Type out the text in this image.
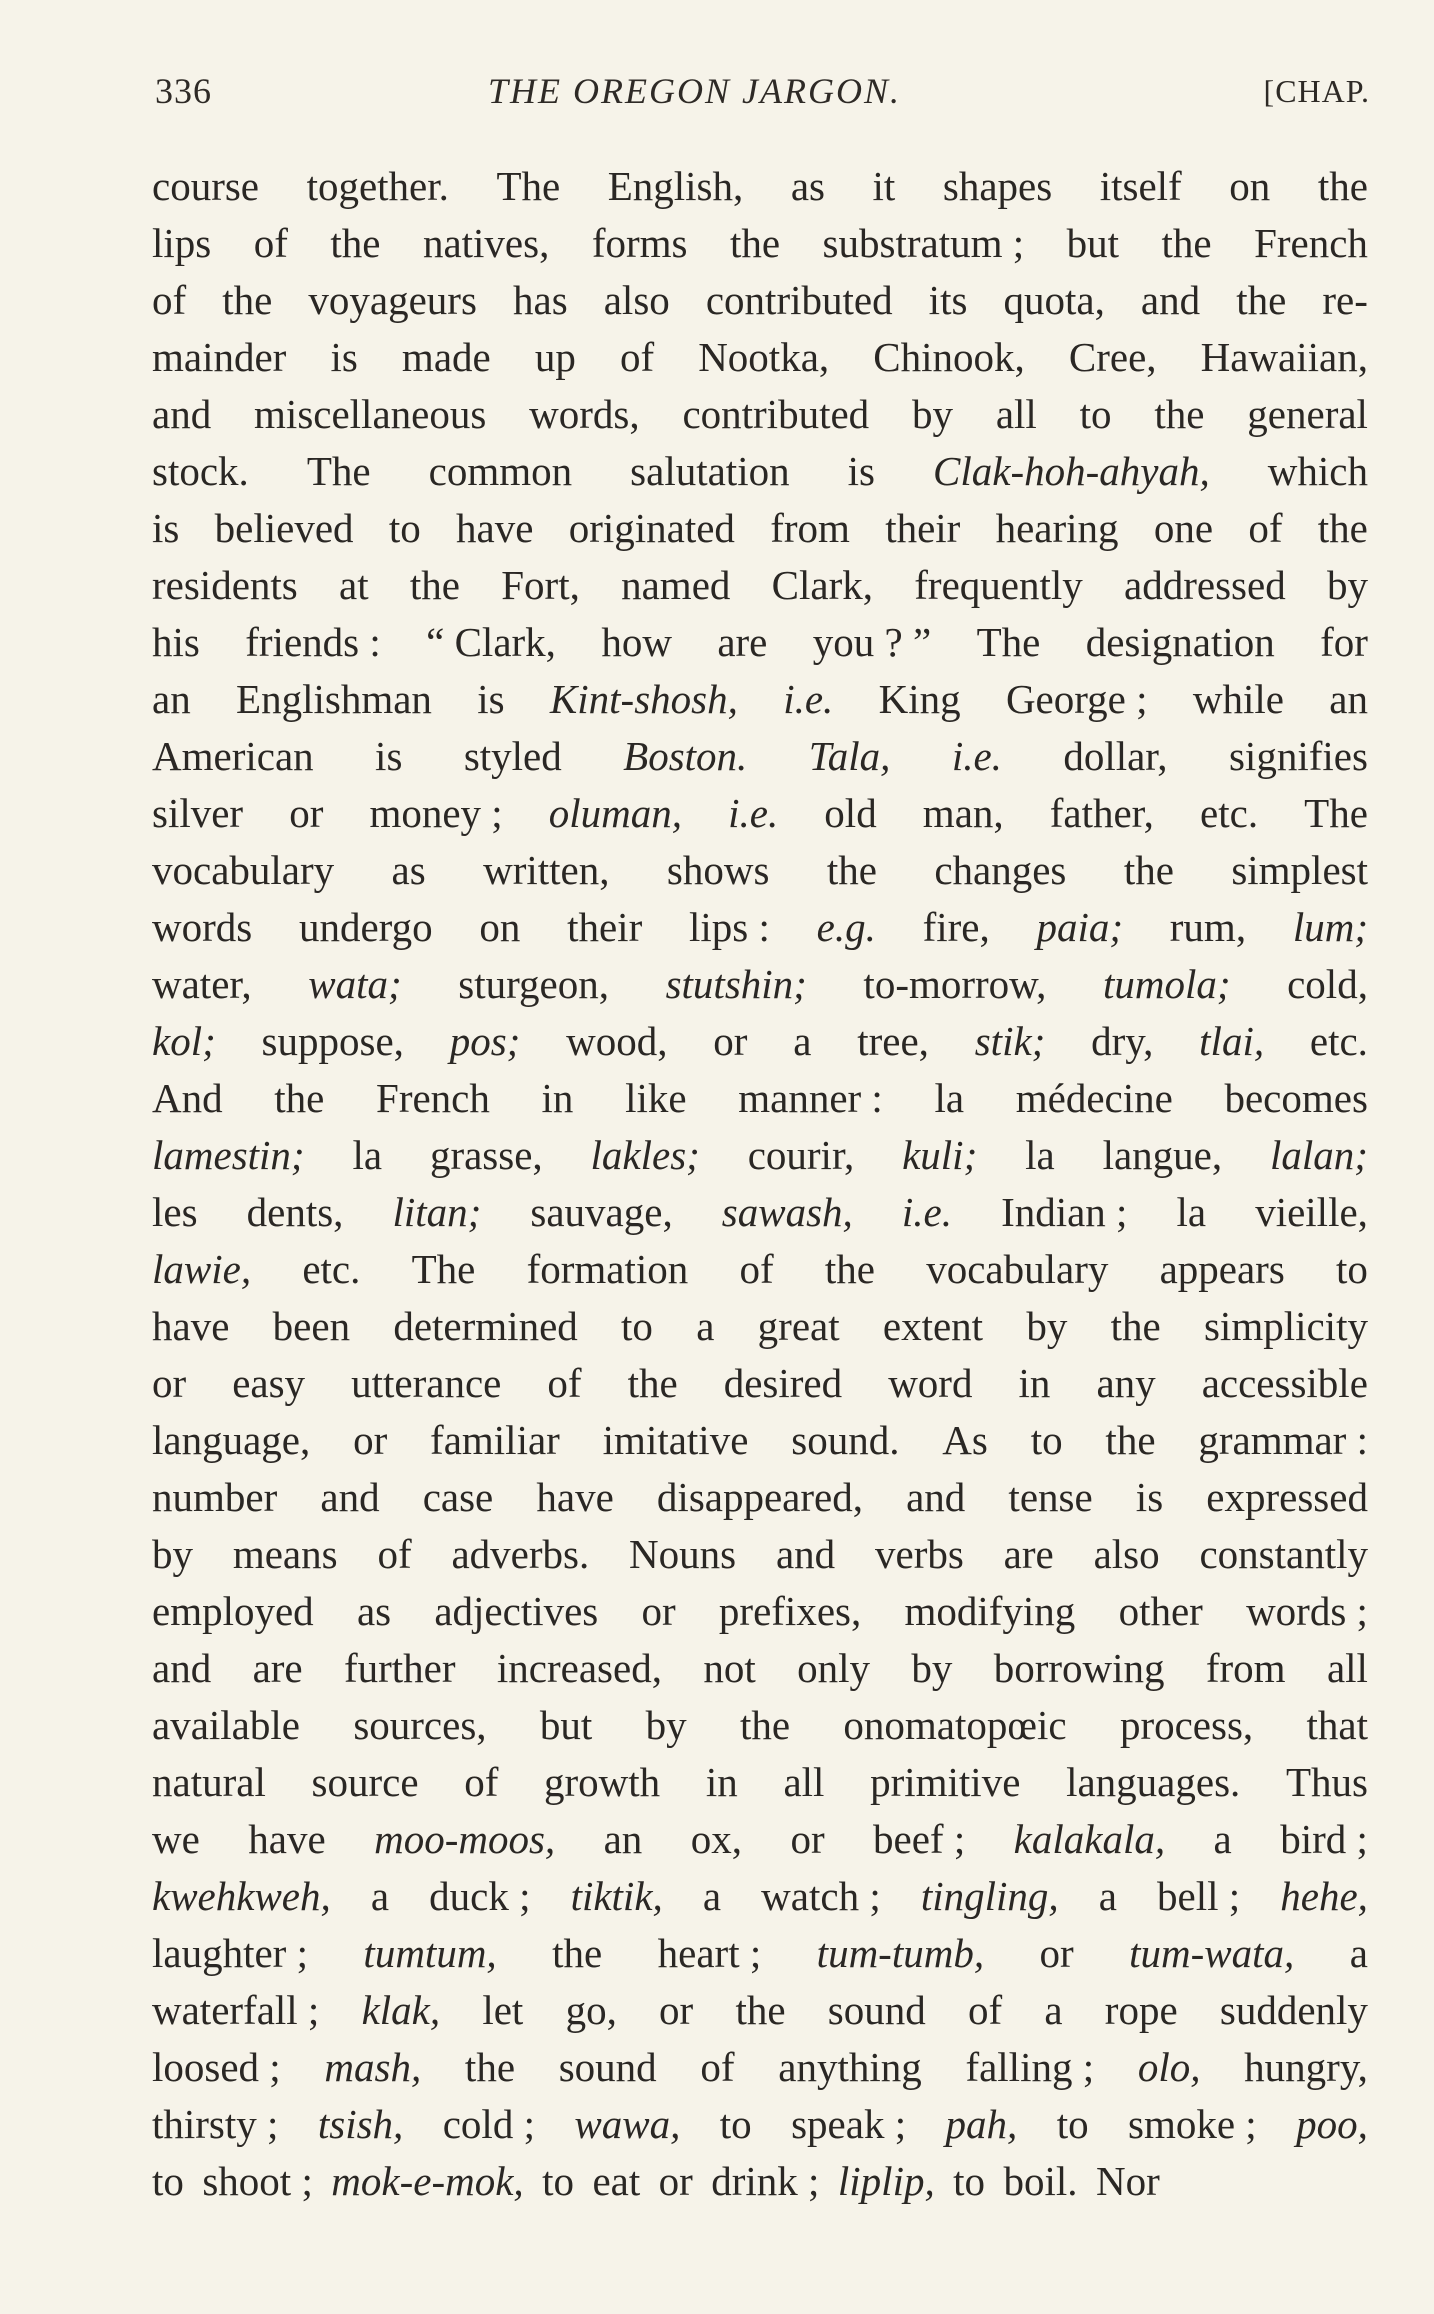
336	THE OREGON JARGON.	[CHAP.
course together. The English, as it shapes itself on the
lips of the natives, forms the substratum ; but the French
of the voyageurs has also contributed its quota, and the re-
mainder is made up of Nootka, Chinook, Cree, Hawaiian,
and miscellaneous words, contributed by all to the general
stock. The common salutation is Clak-hoh-ahyah, which
is believed to have originated from their hearing one of the
residents at the Fort, named Clark, frequently addressed by
his friends : “ Clark, how are you ? ” The designation for
an Englishman is Kint-shosh, i.e. King George ; while an
American is styled Boston. Tala, i.e. dollar, signifies
silver or money ; oluman, i.e. old man, father, etc. The
vocabulary as written, shows the changes the simplest
words undergo on their lips : e.g. fire, paia; rum, lum;
water, wata; sturgeon, stutshin; to-morrow, tumola; cold,
kol; suppose, pos; wood, or a tree, stik; dry, tlai, etc.
And the French in like manner : la médecine becomes
lamestin; la grasse, lakles; courir, kuli; la langue, lalan;
les dents, litan; sauvage, sawash, i.e. Indian ; la vieille,
lawie, etc. The formation of the vocabulary appears to
have been determined to a great extent by the simplicity
or easy utterance of the desired word in any accessible
language, or familiar imitative sound. As to the grammar :
number and case have disappeared, and tense is expressed
by means of adverbs. Nouns and verbs are also constantly
employed as adjectives or prefixes, modifying other words ;
and are further increased, not only by borrowing from all
available sources, but by the onomatopœic process, that
natural source of growth in all primitive languages. Thus
we have moo-moos, an ox, or beef ; kalakala, a bird ;
kwehkweh, a duck ; tiktik, a watch ; tingling, a bell ; hehe,
laughter ; tumtum, the heart ; tum-tumb, or tum-wata, a
waterfall ; klak, let go, or the sound of a rope suddenly
loosed ; mash, the sound of anything falling ; olo, hungry,
thirsty ; tsish, cold ; wawa, to speak ; pah, to smoke ; poo,
to shoot ; mok-e-mok, to eat or drink ; liplip, to boil. Nor
